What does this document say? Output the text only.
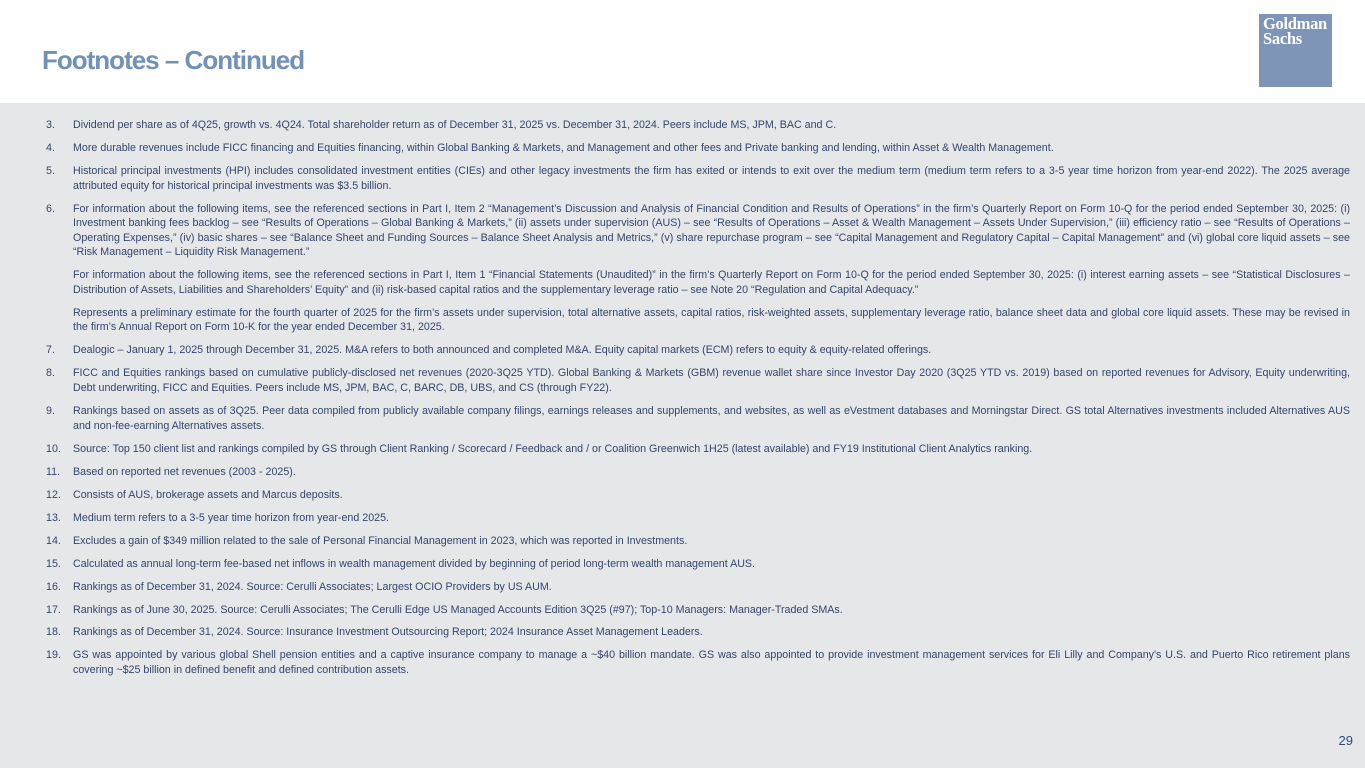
Footnotes – Continued
Goldman
Sachs
3. Dividend per share as of 4Q25, growth vs. 4Q24. Total shareholder return as of December 31, 2025 vs. December 31, 2024. Peers include MS, JPM, BAC and C.
4. More durable revenues include FICC financing and Equities financing, within Global Banking & Markets, and Management and other fees and Private banking and lending, within Asset & Wealth Management.
5. Historical principal investments (HPI) includes consolidated investment entities (CIEs) and other legacy investments the firm has exited or intends to exit over the medium term (medium term refers to a 3-5 year time horizon from year-end 2022). The 2025 average attributed equity for historical principal investments was $3.5 billion.
6. For information about the following items, see the referenced sections in Part I, Item 2 “Management’s Discussion and Analysis of Financial Condition and Results of Operations” in the firm’s Quarterly Report on Form 10-Q for the period ended September 30, 2025: (i) Investment banking fees backlog – see “Results of Operations – Global Banking & Markets,” (ii) assets under supervision (AUS) – see “Results of Operations – Asset & Wealth Management – Assets Under Supervision,” (iii) efficiency ratio – see “Results of Operations – Operating Expenses,” (iv) basic shares – see “Balance Sheet and Funding Sources – Balance Sheet Analysis and Metrics,” (v) share repurchase program – see “Capital Management and Regulatory Capital – Capital Management” and (vi) global core liquid assets – see “Risk Management – Liquidity Risk Management.”
For information about the following items, see the referenced sections in Part I, Item 1 “Financial Statements (Unaudited)” in the firm’s Quarterly Report on Form 10-Q for the period ended September 30, 2025: (i) interest earning assets – see “Statistical Disclosures – Distribution of Assets, Liabilities and Shareholders’ Equity” and (ii) risk-based capital ratios and the supplementary leverage ratio – see Note 20 “Regulation and Capital Adequacy.”
Represents a preliminary estimate for the fourth quarter of 2025 for the firm’s assets under supervision, total alternative assets, capital ratios, risk-weighted assets, supplementary leverage ratio, balance sheet data and global core liquid assets. These may be revised in the firm’s Annual Report on Form 10-K for the year ended December 31, 2025.
7. Dealogic – January 1, 2025 through December 31, 2025. M&A refers to both announced and completed M&A. Equity capital markets (ECM) refers to equity & equity-related offerings.
8. FICC and Equities rankings based on cumulative publicly-disclosed net revenues (2020-3Q25 YTD). Global Banking & Markets (GBM) revenue wallet share since Investor Day 2020 (3Q25 YTD vs. 2019) based on reported revenues for Advisory, Equity underwriting, Debt underwriting, FICC and Equities. Peers include MS, JPM, BAC, C, BARC, DB, UBS, and CS (through FY22).
9. Rankings based on assets as of 3Q25. Peer data compiled from publicly available company filings, earnings releases and supplements, and websites, as well as eVestment databases and Morningstar Direct. GS total Alternatives investments included Alternatives AUS and non-fee-earning Alternatives assets.
10. Source: Top 150 client list and rankings compiled by GS through Client Ranking / Scorecard / Feedback and / or Coalition Greenwich 1H25 (latest available) and FY19 Institutional Client Analytics ranking.
11. Based on reported net revenues (2003 - 2025).
12. Consists of AUS, brokerage assets and Marcus deposits.
13. Medium term refers to a 3-5 year time horizon from year-end 2025.
14. Excludes a gain of $349 million related to the sale of Personal Financial Management in 2023, which was reported in Investments.
15. Calculated as annual long-term fee-based net inflows in wealth management divided by beginning of period long-term wealth management AUS.
16. Rankings as of December 31, 2024. Source: Cerulli Associates; Largest OCIO Providers by US AUM.
17. Rankings as of June 30, 2025. Source: Cerulli Associates; The Cerulli Edge US Managed Accounts Edition 3Q25 (#97); Top-10 Managers: Manager-Traded SMAs.
18. Rankings as of December 31, 2024. Source: Insurance Investment Outsourcing Report; 2024 Insurance Asset Management Leaders.
19. GS was appointed by various global Shell pension entities and a captive insurance company to manage a ~$40 billion mandate. GS was also appointed to provide investment management services for Eli Lilly and Company's U.S. and Puerto Rico retirement plans covering ~$25 billion in defined benefit and defined contribution assets.
29
